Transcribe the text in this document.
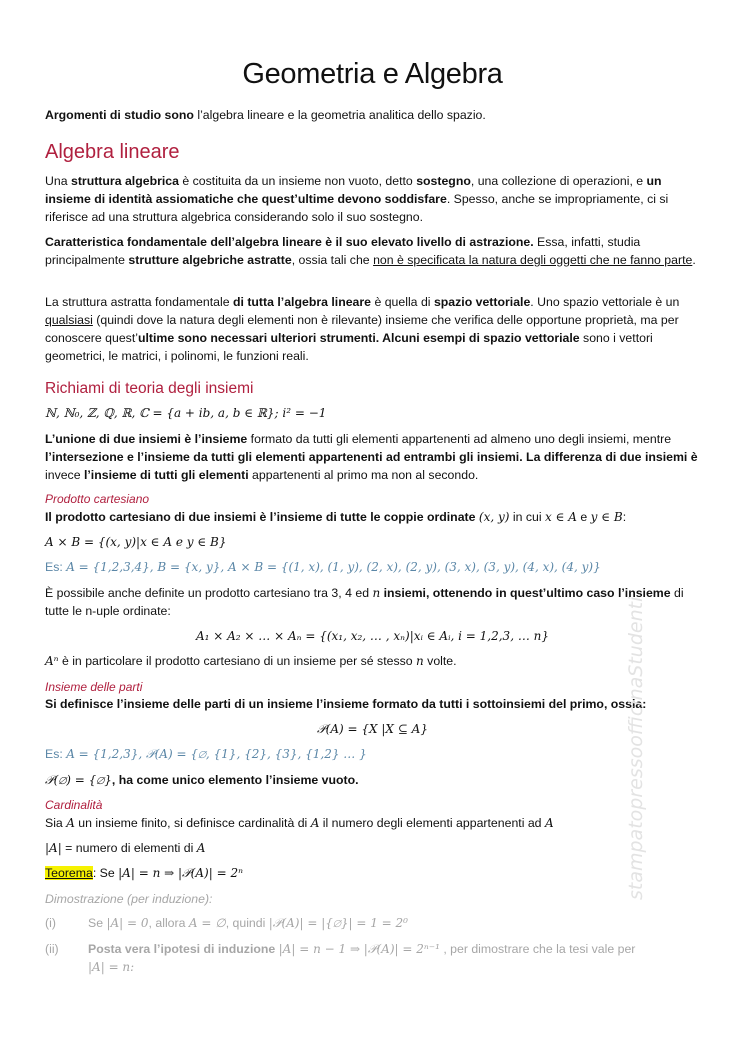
Geometria e Algebra

Argomenti di studio sono l’algebra lineare e la geometria analitica dello spazio.

Algebra lineare

Una struttura algebrica è costituita da un insieme non vuoto, detto sostegno, una collezione di operazioni, e un insieme di identità assiomatiche che quest’ultime devono soddisfare. Spesso, anche se impropriamente, ci si riferisce ad una struttura algebrica considerando solo il suo sostegno.

Caratteristica fondamentale dell’algebra lineare è il suo elevato livello di astrazione. Essa, infatti, studia principalmente strutture algebriche astratte, ossia tali che non è specificata la natura degli oggetti che ne fanno parte.

La struttura astratta fondamentale di tutta l’algebra lineare è quella di spazio vettoriale. Uno spazio vettoriale è un qualsiasi (quindi dove la natura degli elementi non è rilevante) insieme che verifica delle opportune proprietà, ma per conoscere quest’ultime sono necessari ulteriori strumenti. Alcuni esempi di spazio vettoriale sono i vettori geometrici, le matrici, i polinomi, le funzioni reali.

Richiami di teoria degli insiemi

ℕ, ℕ₀, ℤ, ℚ, ℝ, ℂ = {a + ib, a, b ∈ ℝ}; i² = −1

L’unione di due insiemi è l’insieme formato da tutti gli elementi appartenenti ad almeno uno degli insiemi, mentre l’intersezione e l’insieme da tutti gli elementi appartenenti ad entrambi gli insiemi. La differenza di due insiemi è invece l’insieme di tutti gli elementi appartenenti al primo ma non al secondo.

Prodotto cartesiano

Il prodotto cartesiano di due insiemi è l’insieme di tutte le coppie ordinate (x, y) in cui x ∈ A e y ∈ B:

A × B = {(x, y)|x ∈ A e y ∈ B}

Es: A = {1,2,3,4}, B = {x, y}, A × B = {(1, x), (1, y), (2, x), (2, y), (3, x), (3, y), (4, x), (4, y)}

È possibile anche definite un prodotto cartesiano tra 3, 4 ed n insiemi, ottenendo in quest’ultimo caso l’insieme di tutte le n-uple ordinate:

A₁ × A₂ × … × Aₙ = {(x₁, x₂, … , xₙ)|xᵢ ∈ Aᵢ, i = 1,2,3, … n}

Aⁿ è in particolare il prodotto cartesiano di un insieme per sé stesso n volte.

Insieme delle parti

Si definisce l’insieme delle parti di un insieme l’insieme formato da tutti i sottoinsiemi del primo, ossia:

𝒫(A) = {X |X ⊆ A}

Es: A = {1,2,3}, 𝒫(A) = {∅, {1}, {2}, {3}, {1,2} … }

𝒫(∅) = {∅}, ha come unico elemento l’insieme vuoto.

Cardinalità

Sia A un insieme finito, si definisce cardinalità di A il numero degli elementi appartenenti ad A

|A| = numero di elementi di A

Teorema: Se |A| = n ⇒ |𝒫(A)| = 2ⁿ

Dimostrazione (per induzione):
(i)	Se |A| = 0, allora A = ∅, quindi |𝒫(A)| = |{∅}| = 1 = 2⁰
(ii)	Posta vera l’ipotesi di induzione |A| = n − 1 ⇒ |𝒫(A)| = 2ⁿ⁻¹ , per dimostrare che la tesi vale per |A| = n:
stampatopressoofficinaStudenti
